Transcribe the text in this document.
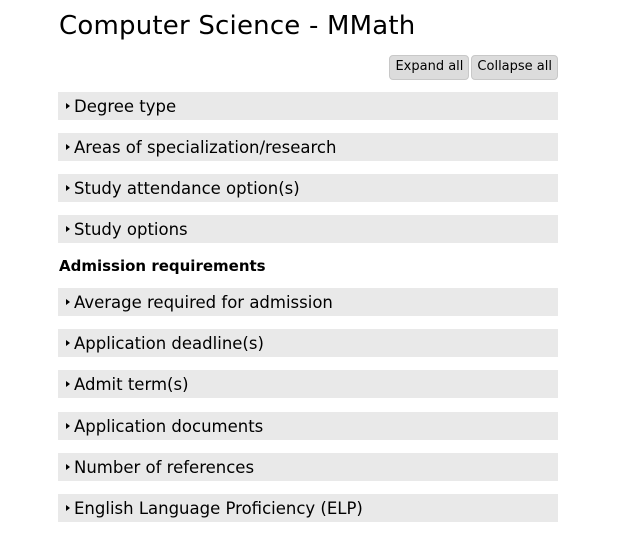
Computer Science - MMath
Expand all	Collapse all
Degree type
Areas of specialization/research
Study attendance option(s)
Study options
Admission requirements
Average required for admission
Application deadline(s)
Admit term(s)
Application documents
Number of references
English Language Proficiency (ELP)
